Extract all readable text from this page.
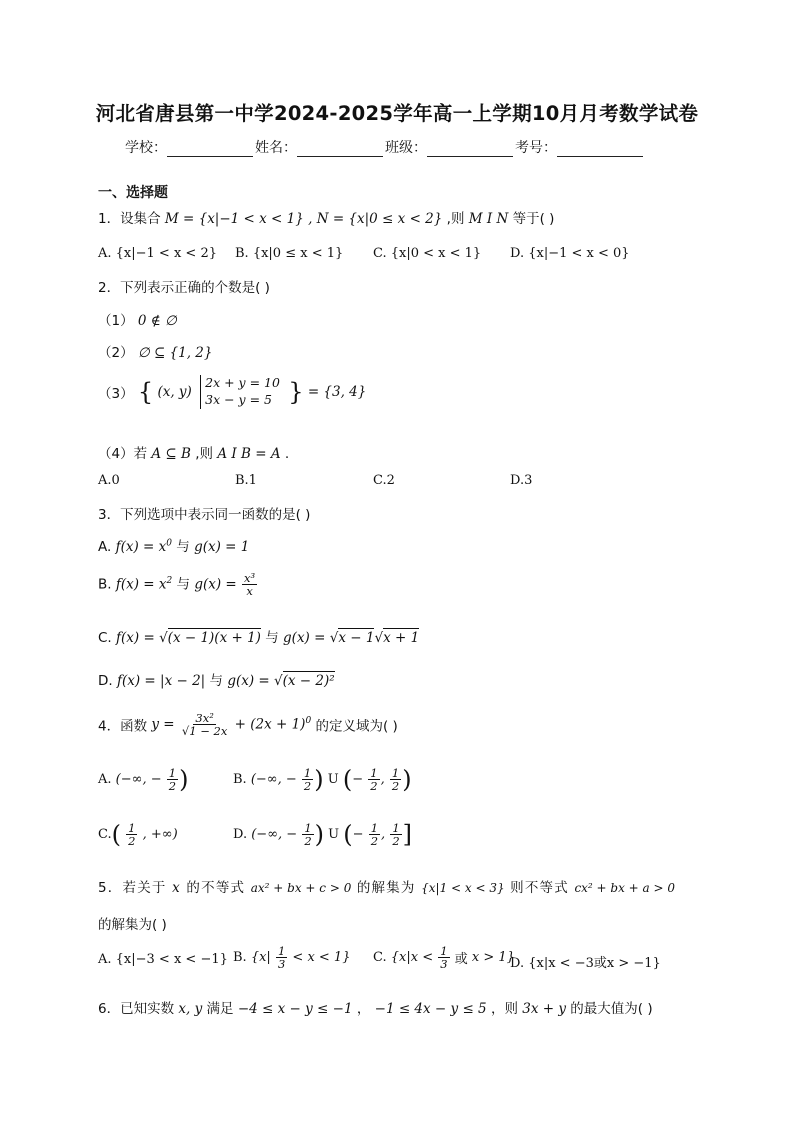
河北省唐县第一中学2024-2025学年高一上学期10月月考数学试卷
学校：	姓名：	班级：	考号：
一、选择题
1．设集合 M = {x|−1 < x < 1} , N = {x|0 ≤ x < 2} ,则 M I N 等于( )
A. {x|−1 < x < 2} B. {x|0 ≤ x < 1} C. {x|0 < x < 1} D. {x|−1 < x < 0}
2．下列表示正确的个数是( )
（1） 0 ∉ ∅
（2） ∅ ⊆ {1, 2}
（3） { (x, y)
2x + y = 10
3x − y = 5 } = {3, 4}
（4）若 A ⊆ B ,则 A I B = A .
A.0	B.1	C.2	D.3
3．下列选项中表示同一函数的是( )
A. $f(x) = x^0$ 与 g(x) = 1
B. $f(x) = x^2$ 与 $g(x) = \frac{\text{x³}}{x}$
C. f(x) = √(x − 1)(x + 1) 与 g(x) = √x − 1√x + 1
D. f(x) = |x − 2| 与 g(x) = √(x − 2)²
4．函数 $y = \frac{\text{3x²}}{√1 - 2x} + (2x + 1)^0$ 的定义域为( )
A. (−∞, − $\frac{1}{2}$ )	B. (−∞, − $\frac{1}{2}$ ) U (− $\frac{1}{2}$ , $\frac{1}{2}$ )
$C.( \frac{1}{2}$ , +∞)	D. (−∞, − $\frac{1}{2}$ ) U (− $\frac{1}{2}$ , $\frac{1}{2}$ ]
5．若关于 x 的不等式 ax² + bx + c > 0 的解集为 {x|1 < x < 3} 则不等式 cx² + bx + a > 0
的解集为( )
A. {x|−3 < x < −1} B. $\{x| \frac{1}{3} < x < 1\}$ C. {$x|x < \frac{1}{3}$ 或 x > 1}
D. {x|x < −3或x > −1}
6．已知实数 x, y 满足 −4 ≤ x − y ≤ −1 ， −1 ≤ 4x − y ≤ 5 ，则 3x + y 的最大值为( )
